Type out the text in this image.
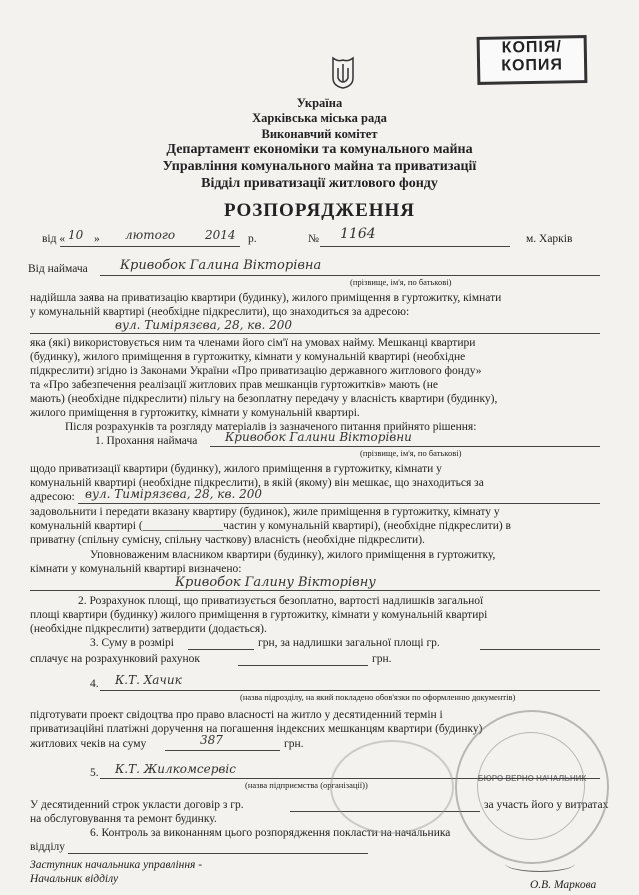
КОПІЯ/
КОПИЯ
Україна
Харківська міська рада
Виконавчий комітет
Департамент економіки та комунального майна
Управління комунального майна та приватизації
Відділ приватизації житлового фонду
РОЗПОРЯДЖЕННЯ
від « 10 » лютого 2014 р.	№ 1164	м. Харків
Від наймача Кривобок Галина Вікторівна
(прізвище, ім'я, по батькові)
надійшла заява на приватизацію квартири (будинку), жилого приміщення в гуртожитку, кімнати
у комунальній квартирі (необхідне підкреслити), що знаходиться за адресою:
вул. Тимірязєва, 28, кв. 200
яка (які) використовується ним та членами його сім'ї на умовах найму. Мешканці квартири
(будинку), жилого приміщення в гуртожитку, кімнати у комунальній квартирі (необхідне
підкреслити) згідно із Законами України «Про приватизацію державного житлового фонду»
та «Про забезпечення реалізації житлових прав мешканців гуртожитків» мають (не
мають) (необхідне підкреслити) пільгу на безоплатну передачу у власність квартири (будинку),
жилого приміщення в гуртожитку, кімнати у комунальній квартирі.
Після розрахунків та розгляду матеріалів із зазначеного питання прийнято рішення:
1. Прохання наймача Кривобок Галини Вікторівни
(прізвище, ім'я, по батькові)
щодо приватизації квартири (будинку), жилого приміщення в гуртожитку, кімнати у
комунальній квартирі (необхідне підкреслити), в якій (якому) він мешкає, що знаходиться за
адресою: вул. Тимірязєва, 28, кв. 200
задовольнити і передати вказану квартиру (будинок), жиле приміщення в гуртожитку, кімнату у
комунальній квартирі (______________частин у комунальній квартирі), (необхідне підкреслити) в
приватну (спільну сумісну, спільну часткову) власність (необхідне підкреслити).
Уповноваженим власником квартири (будинку), жилого приміщення в гуртожитку,
кімнати у комунальній квартирі визначено:
Кривобок Галину Вікторівну
2. Розрахунок площі, що приватизується безоплатно, вартості надлишків загальної
площі квартири (будинку) жилого приміщення в гуртожитку, кімнати у комунальній квартирі
(необхідне підкреслити) затвердити (додається).
3. Суму в розмірі	грн, за надлишки загальної площі гр.
сплачує на розрахунковий рахунок	грн.
4. К.Т. Хачик
(назва підрозділу, на який покладено обов'язки по оформленню документів)
підготувати проект свідоцтва про право власності на житло у десятиденний термін і
приватизаційні платіжні доручення на погашення індексних мешканцям квартири (будинку)
житлових чеків на суму	387	грн.
5. К.Т. Жилкомсервіс
(назва підприємства (організації))
У десятиденний строк укласти договір з гр.	за участь його у витратах
на обслуговування та ремонт будинку.
6. Контроль за виконанням цього розпорядження покласти на начальника
відділу
Заступник начальника управління -
Начальник відділу	О.В. Маркова
БЮРО ВЕРНО НАЧАЛЬНИК
